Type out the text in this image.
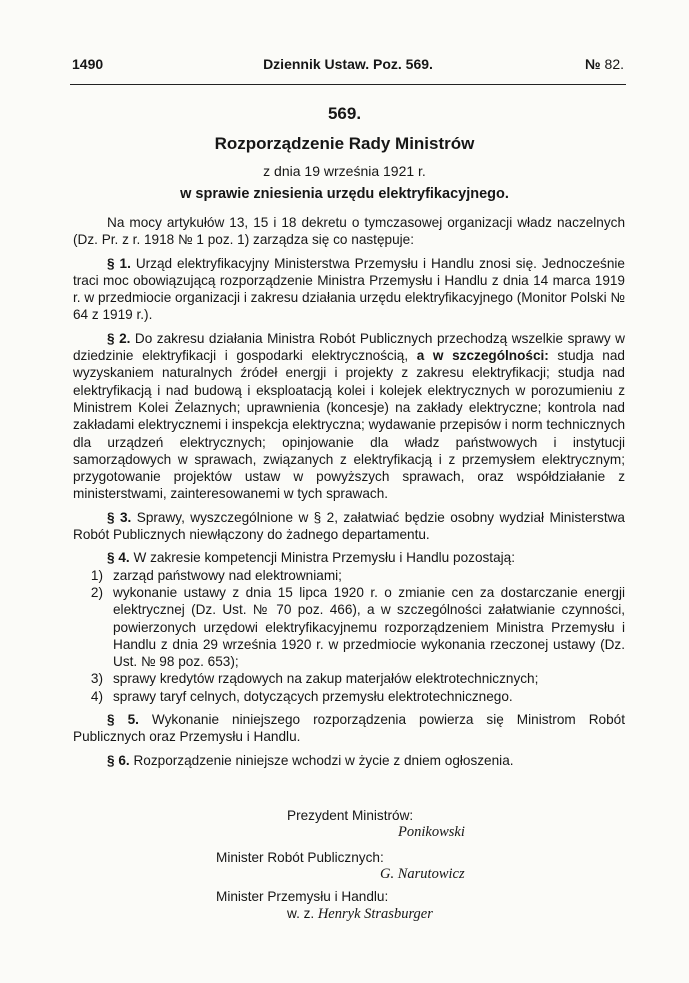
1490	Dziennik Ustaw. Poz. 569.	№ 82.
569.
Rozporządzenie Rady Ministrów
z dnia 19 września 1921 r.
w sprawie zniesienia urzędu elektryfikacyjnego.

Na mocy artykułów 13, 15 i 18 dekretu o tymczasowej organizacji władz naczelnych (Dz. Pr. z r. 1918 № 1 poz. 1) zarządza się co następuje:

§ 1. Urząd elektryfikacyjny Ministerstwa Przemysłu i Handlu znosi się. Jednocześnie traci moc obowiązującą rozporządzenie Ministra Przemysłu i Handlu z dnia 14 marca 1919 r. w przedmiocie organizacji i zakresu działania urzędu elektryfikacyjnego (Monitor Polski № 64 z 1919 r.).

§ 2. Do zakresu działania Ministra Robót Publicznych przechodzą wszelkie sprawy w dziedzinie elektryfikacji i gospodarki elektrycznością, a w szczególności: studja nad wyzyskaniem naturalnych źródeł energji i projekty z zakresu elektryfikacji; studja nad elektryfikacją i nad budową i eksploatacją kolei i kolejek elektrycznych w porozumieniu z Ministrem Kolei Żelaznych; uprawnienia (koncesje) na zakłady elektryczne; kontrola nad zakładami elektrycznemi i inspekcja elektryczna; wydawanie przepisów i norm technicznych dla urządzeń elektrycznych; opinjowanie dla władz państwowych i instytucji samorządowych w sprawach, związanych z elektryfikacją i z przemysłem elektrycznym; przygotowanie projektów ustaw w powyższych sprawach, oraz współdziałanie z ministerstwami, zainteresowanemi w tych sprawach.

§ 3. Sprawy, wyszczególnione w § 2, załatwiać będzie osobny wydział Ministerstwa Robót Publicznych niewłączony do żadnego departamentu.

§ 4. W zakresie kompetencji Ministra Przemysłu i Handlu pozostają:

1) zarząd państwowy nad elektrowniami;
2) wykonanie ustawy z dnia 15 lipca 1920 r. o zmianie cen za dostarczanie energji elektrycznej (Dz. Ust. № 70 poz. 466), a w szczególności załatwianie czynności, powierzonych urzędowi elektryfikacyjnemu rozporządzeniem Ministra Przemysłu i Handlu z dnia 29 września 1920 r. w przedmiocie wykonania rzeczonej ustawy (Dz. Ust. № 98 poz. 653);
3) sprawy kredytów rządowych na zakup materjałów elektrotechnicznych;
4) sprawy taryf celnych, dotyczących przemysłu elektrotechnicznego.

§ 5. Wykonanie niniejszego rozporządzenia powierza się Ministrom Robót Publicznych oraz Przemysłu i Handlu.

§ 6. Rozporządzenie niniejsze wchodzi w życie z dniem ogłoszenia.

Prezydent Ministrów:
Ponikowski
Minister Robót Publicznych:
G. Narutowicz
Minister Przemysłu i Handlu:
w. z. Henryk Strasburger
